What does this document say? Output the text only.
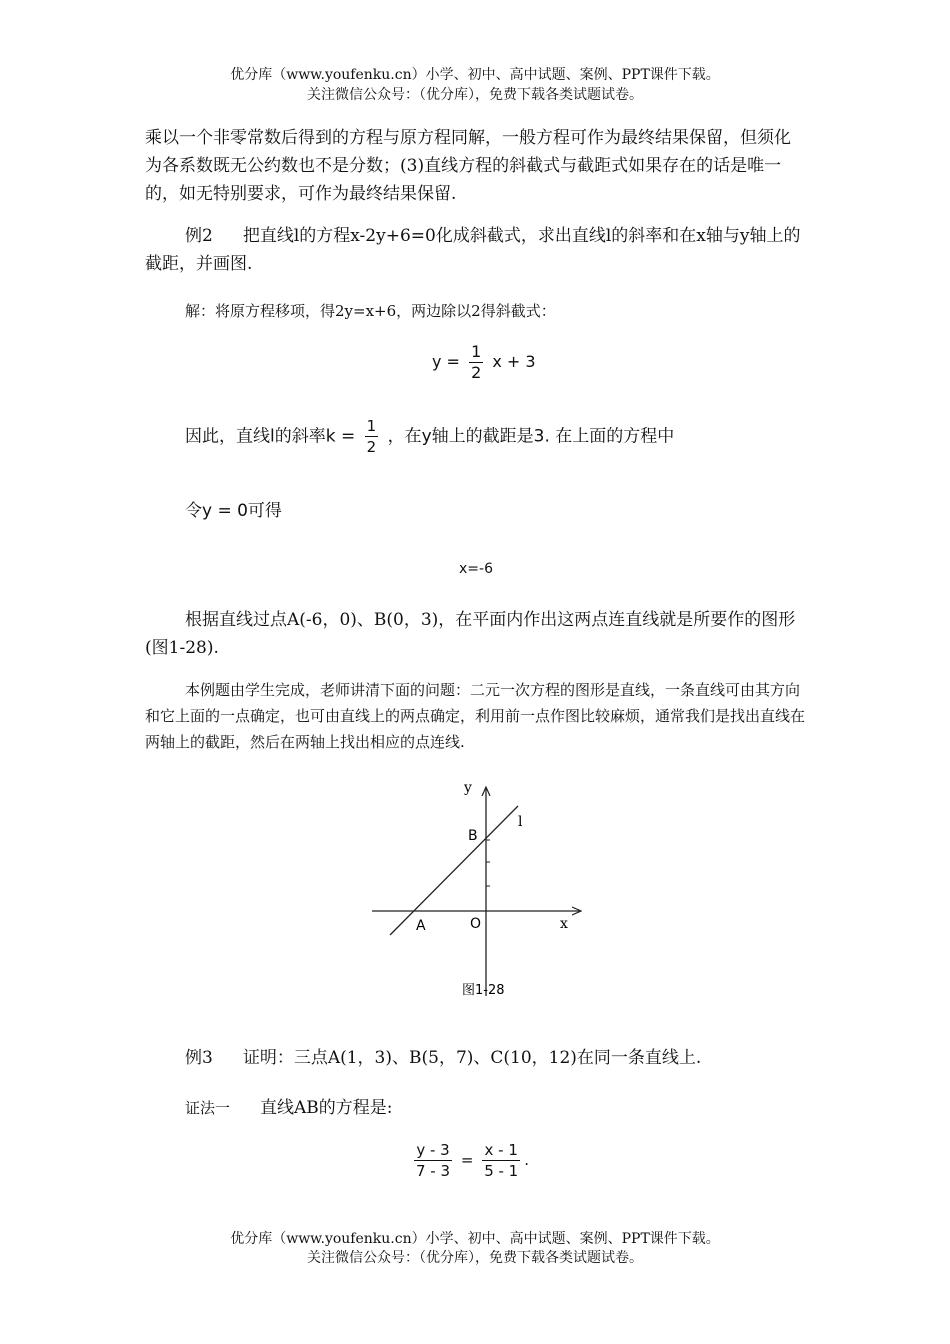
优分库（www.youfenku.cn）小学、初中、高中试题、案例、PPT课件下载。
关注微信公众号：（优分库），免费下载各类试题试卷。
乘以一个非零常数后得到的方程与原方程同解，一般方程可作为最终结果保留，但须化为各系数既无公约数也不是分数；(3)直线方程的斜截式与截距式如果存在的话是唯一的，如无特别要求，可作为最终结果保留.
例2 把直线l的方程x-2y+6=0化成斜截式，求出直线l的斜率和在x轴与y轴上的截距，并画图.
解：将原方程移项，得2y=x+6，两边除以2得斜截式：
$y = \frac{1}{2}$ x + 3
因此，直线l的斜率$k = \frac{1}{2}$ ，在y轴上的截距是3. 在上面的方程中
令y = 0可得
x=-6
根据直线过点A(-6，0)、B(0，3)，在平面内作出这两点连直线就是所要作的图形(图1-28).
本例题由学生完成，老师讲清下面的问题：二元一次方程的图形是直线，一条直线可由其方向和它上面的一点确定，也可由直线上的两点确定，利用前一点作图比较麻烦，通常我们是找出直线在两轴上的截距，然后在两轴上找出相应的点连线.
y
x
l
B
A	O
图1-28
例3 证明：三点A(1，3)、B(5，7)、C(10，12)在同一条直线上.
证法一 直线AB的方程是:
$\frac{y - 3}{7 - 3} = \frac{x - 1}{5 - 1}$ .
优分库（www.youfenku.cn）小学、初中、高中试题、案例、PPT课件下载。
关注微信公众号：（优分库），免费下载各类试题试卷。
